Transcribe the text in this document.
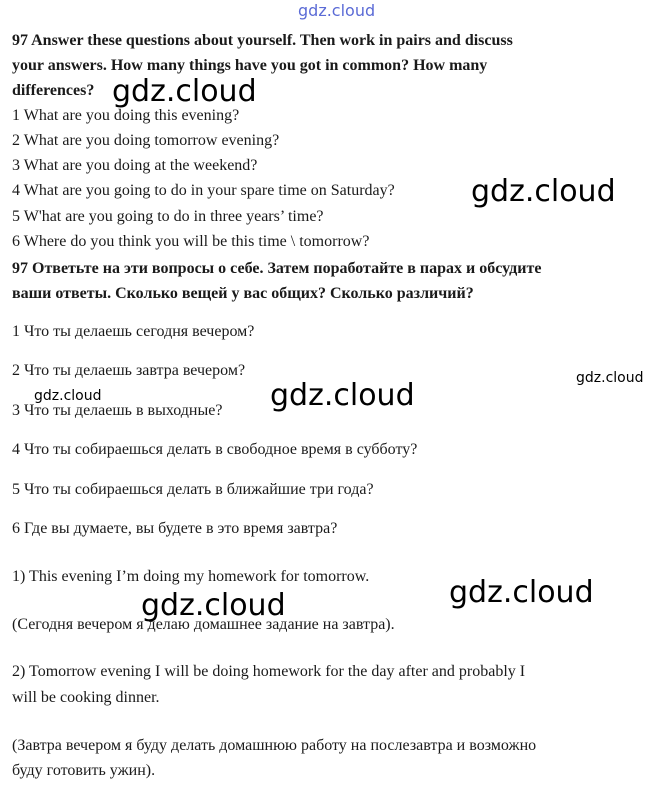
gdz.cloud
97 Answer these questions about yourself. Then work in pairs and discuss
your answers. How many things have you got in common? How many
differences?
1 What are you doing this evening?
2 What are you doing tomorrow evening?
3 What are you doing at the weekend?
4 What are you going to do in your spare time on Saturday?
5 W'hat are you going to do in three years’ time?
6 Where do you think you will be this time \ tomorrow?
97 Ответьте на эти вопросы о себе. Затем поработайте в парах и обсудите
ваши ответы. Сколько вещей у вас общих? Сколько различий?
1 Что ты делаешь сегодня вечером?
2 Что ты делаешь завтра вечером?
3 Что ты делаешь в выходные?
4 Что ты собираешься делать в свободное время в субботу?
5 Что ты собираешься делать в ближайшие три года?
6 Где вы думаете, вы будете в это время завтра?
1) This evening I’m doing my homework for tomorrow.
(Сегодня вечером я делаю домашнее задание на завтра).
2) Tomorrow evening I will be doing homework for the day after and probably I
will be cooking dinner.
(Завтра вечером я буду делать домашнюю работу на послезавтра и возможно
буду готовить ужин).
gdz.cloud
gdz.cloud
gdz.cloud	gdz.cloud	gdz.cloud
gdz.cloud
gdz.cloud
